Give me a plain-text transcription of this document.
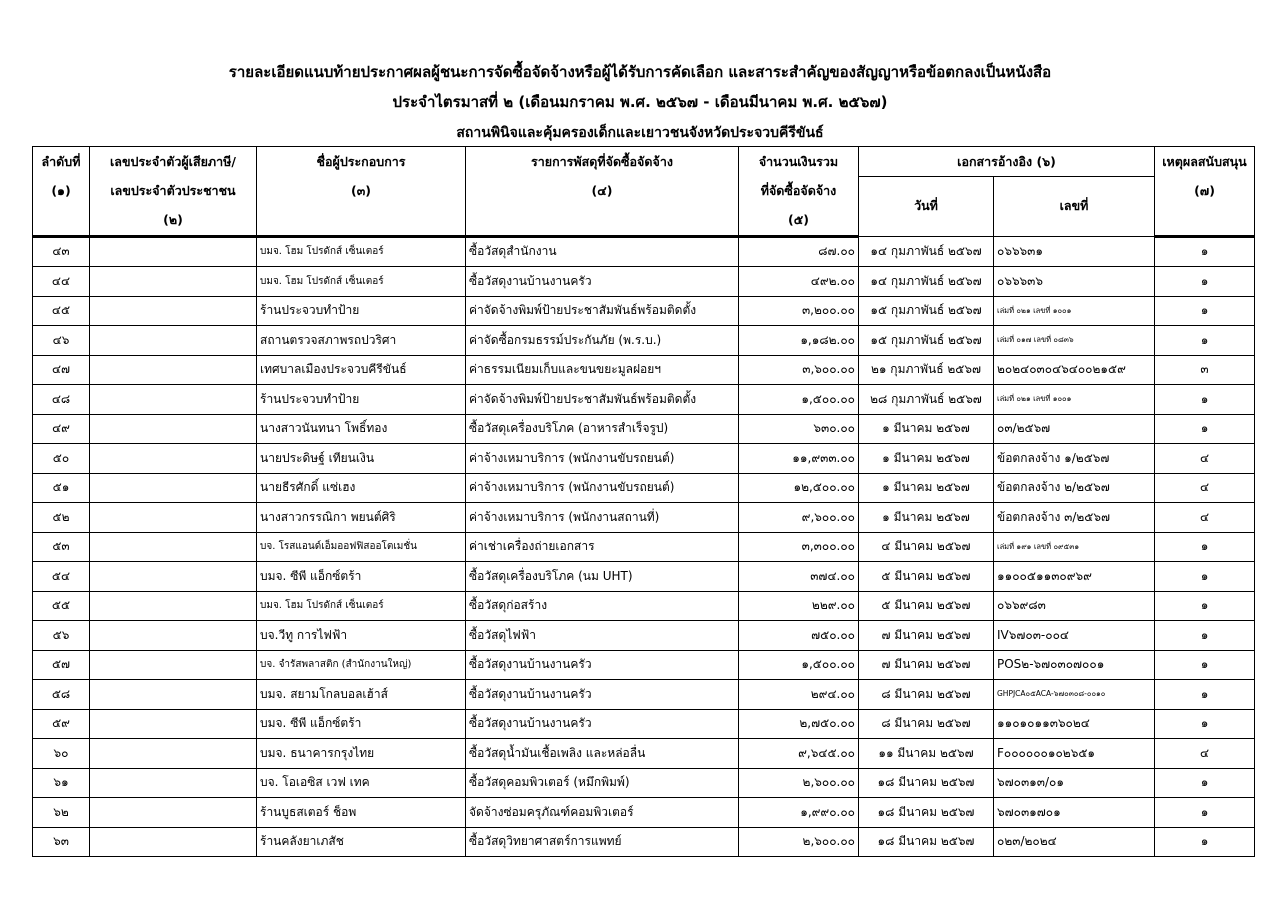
รายละเอียดแนบท้ายประกาศผลผู้ชนะการจัดซื้อจัดจ้างหรือผู้ได้รับการคัดเลือก และสาระสำคัญของสัญญาหรือข้อตกลงเป็นหนังสือ
ประจำไตรมาสที่ ๒ (เดือนมกราคม พ.ศ. ๒๕๖๗ - เดือนมีนาคม พ.ศ. ๒๕๖๗)
สถานพินิจและคุ้มครองเด็กและเยาวชนจังหวัดประจวบคีรีขันธ์
ลำดับที่	เลขประจำตัวผู้เสียภาษี/	ชื่อผู้ประกอบการ	รายการพัสดุที่จัดซื้อจัดจ้าง	จำนวนเงินรวม	เอกสารอ้างอิง (๖)		เหตุผลสนับสนุน
(๑)	เลขประจำตัวประชาชน	(๓)	(๔)	ที่จัดซื้อจัดจ้าง	วันที่	เลขที่	(๗)
	(๒)			(๕)			
๔๓		บมจ. โฮม โปรดักส์ เซ็นเตอร์	ซื้อวัสดุสำนักงาน	๘๗.๐๐	๑๔ กุมภาพันธ์ ๒๕๖๗	๐๖๖๖๓๑	๑
๔๔		บมจ. โฮม โปรดักส์ เซ็นเตอร์	ซื้อวัสดุงานบ้านงานครัว	๔๙๒.๐๐	๑๔ กุมภาพันธ์ ๒๕๖๗	๐๖๖๖๓๖	๑
๔๕		ร้านประจวบทำป้าย	ค่าจัดจ้างพิมพ์ป้ายประชาสัมพันธ์พร้อมติดตั้ง	๓,๒๐๐.๐๐	๑๕ กุมภาพันธ์ ๒๕๖๗	เล่มที่ ๐๒๑ เลขที่ ๑๐๐๑	๑
๔๖		สถานตรวจสภาพรถปวริศา	ค่าจัดซื้อกรมธรรม์ประกันภัย (พ.ร.บ.)	๑,๑๘๒.๐๐	๑๕ กุมภาพันธ์ ๒๕๖๗	เล่มที่ ๐๑๗ เลขที่ ๐๘๓๖	๑
๔๗		เทศบาลเมืองประจวบคีรีขันธ์	ค่าธรรมเนียมเก็บและขนขยะมูลฝอยฯ	๓,๖๐๐.๐๐	๒๑ กุมภาพันธ์ ๒๕๖๗	๒๐๒๔๐๓๐๔๖๔๐๐๒๑๕๙	๓
๔๘		ร้านประจวบทำป้าย	ค่าจัดจ้างพิมพ์ป้ายประชาสัมพันธ์พร้อมติดตั้ง	๑,๕๐๐.๐๐	๒๘ กุมภาพันธ์ ๒๕๖๗	เล่มที่ ๐๒๑ เลขที่ ๑๐๐๑	๑
๔๙		นางสาวนันทนา โพธิ์ทอง	ซื้อวัสดุเครื่องบริโภค (อาหารสำเร็จรูป)	๖๓๐.๐๐	๑ มีนาคม ๒๕๖๗	๐๓/๒๕๖๗	๑
๕๐		นายประดิษฐ์ เทียนเงิน	ค่าจ้างเหมาบริการ (พนักงานขับรถยนต์)	๑๑,๙๓๓.๐๐	๑ มีนาคม ๒๕๖๗	ข้อตกลงจ้าง ๑/๒๕๖๗	๔
๕๑		นายธีรศักดิ์ แซ่เฮง	ค่าจ้างเหมาบริการ (พนักงานขับรถยนต์)	๑๒,๕๐๐.๐๐	๑ มีนาคม ๒๕๖๗	ข้อตกลงจ้าง ๒/๒๕๖๗	๔
๕๒		นางสาวกรรณิกา พยนต์ศิริ	ค่าจ้างเหมาบริการ (พนักงานสถานที่)	๙,๖๐๐.๐๐	๑ มีนาคม ๒๕๖๗	ข้อตกลงจ้าง ๓/๒๕๖๗	๔
๕๓		บจ. โรสแอนด์เอ็มออฟฟิสออโตเมชั่น	ค่าเช่าเครื่องถ่ายเอกสาร	๓,๓๐๐.๐๐	๔ มีนาคม ๒๕๖๗	เล่มที่ ๑๙๑ เลขที่ ๐๙๕๓๑	๑
๕๔		บมจ. ซีพี แอ็กซ์ตร้า	ซื้อวัสดุเครื่องบริโภค (นม UHT)	๓๗๔.๐๐	๕ มีนาคม ๒๕๖๗	๑๑๐๐๕๑๑๓๐๙๖๙	๑
๕๕		บมจ. โฮม โปรดักส์ เซ็นเตอร์	ซื้อวัสดุก่อสร้าง	๒๒๙.๐๐	๕ มีนาคม ๒๕๖๗	๐๖๖๙๘๓	๑
๕๖		บจ.วีทู การไฟฟ้า	ซื้อวัสดุไฟฟ้า	๗๕๐.๐๐	๗ มีนาคม ๒๕๖๗	IV๖๗๐๓-๐๐๔	๑
๕๗		บจ. จำรัสพลาสติก (สำนักงานใหญ่)	ซื้อวัสดุงานบ้านงานครัว	๑,๕๐๐.๐๐	๗ มีนาคม ๒๕๖๗	POS๒-๖๗๐๓๐๗๐๐๑	๑
๕๘		บมจ. สยามโกลบอลเฮ้าส์	ซื้อวัสดุงานบ้านงานครัว	๒๙๔.๐๐	๘ มีนาคม ๒๕๖๗	GHPJCA๐๕ACA-๖๗๐๓๐๘-๐๐๑๐	๑
๕๙		บมจ. ซีพี แอ็กซ์ตร้า	ซื้อวัสดุงานบ้านงานครัว	๒,๗๕๐.๐๐	๘ มีนาคม ๒๕๖๗	๑๑๐๑๐๑๑๓๖๐๒๔	๑
๖๐		บมจ. ธนาคารกรุงไทย	ซื้อวัสดุน้ำมันเชื้อเพลิง และหล่อลื่น	๙,๖๔๕.๐๐	๑๑ มีนาคม ๒๕๖๗	F๐๐๐๐๐๐๑๐๒๖๕๑	๔
๖๑		บจ. โอเอซิส เวฟ เทค	ซื้อวัสดุคอมพิวเตอร์ (หมึกพิมพ์)	๒,๖๐๐.๐๐	๑๘ มีนาคม ๒๕๖๗	๖๗๐๓๑๓/๐๑	๑
๖๒		ร้านบูธสเตอร์ ช็อพ	จัดจ้างซ่อมครุภัณฑ์คอมพิวเตอร์	๑,๙๙๐.๐๐	๑๘ มีนาคม ๒๕๖๗	๖๗๐๓๑๗๐๑	๑
๖๓		ร้านคลังยาเภสัช	ซื้อวัสดุวิทยาศาสตร์การแพทย์	๒,๖๐๐.๐๐	๑๘ มีนาคม ๒๕๖๗	๐๒๓/๒๐๒๔	๑
